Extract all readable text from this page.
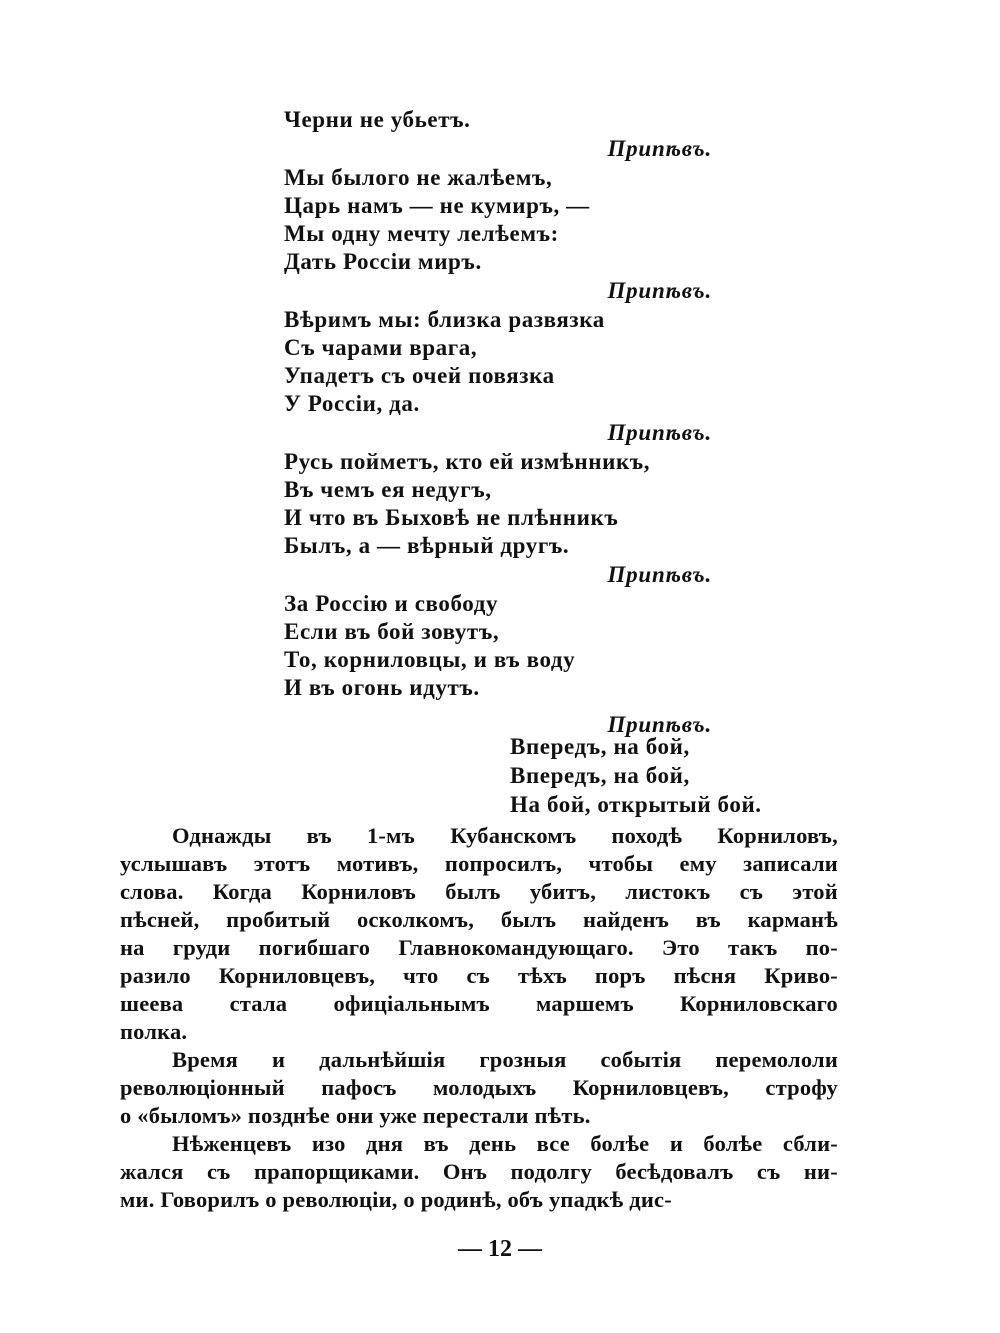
Черни не убьетъ.
Припѣвъ.
Мы былого не жалѣемъ,
Царь намъ — не кумиръ, —
Мы одну мечту лелѣемъ:
Дать Россіи миръ.
Припѣвъ.
Вѣримъ мы: близка развязка
Съ чарами врага,
Упадетъ съ очей повязка
У Россіи, да.
Припѣвъ.
Русь пойметъ, кто ей измѣнникъ,
Въ чемъ ея недугъ,
И что въ Быховѣ не плѣнникъ
Былъ, а — вѣрный другъ.
Припѣвъ.
За Россію и свободу
Если въ бой зовутъ,
То, корниловцы, и въ воду
И въ огонь идутъ.
Припѣвъ.
Впередъ, на бой,
Впередъ, на бой,
На бой, открытый бой.
Однажды въ 1-мъ Кубанскомъ походѣ Корниловъ,
услышавъ этотъ мотивъ, попросилъ, чтобы ему записали
слова. Когда Корниловъ былъ убитъ, листокъ съ этой
пѣсней, пробитый осколкомъ, былъ найденъ въ карманѣ
на груди погибшаго Главнокомандующаго. Это такъ по-
разило Корниловцевъ, что съ тѣхъ поръ пѣсня Криво-
шеева стала офиціальнымъ маршемъ Корниловскаго
полка.
Время и дальнѣйшія грозныя событія перемололи
революціонный пафосъ молодыхъ Корниловцевъ, строфу
о «быломъ» позднѣе они уже перестали пѣть.
Нѣженцевъ изо дня въ день все болѣе и болѣе сбли-
жался съ прапорщиками. Онъ подолгу бесѣдовалъ съ ни-
ми. Говорилъ о революціи, о родинѣ, объ упадкѣ дис-
— 12 —
